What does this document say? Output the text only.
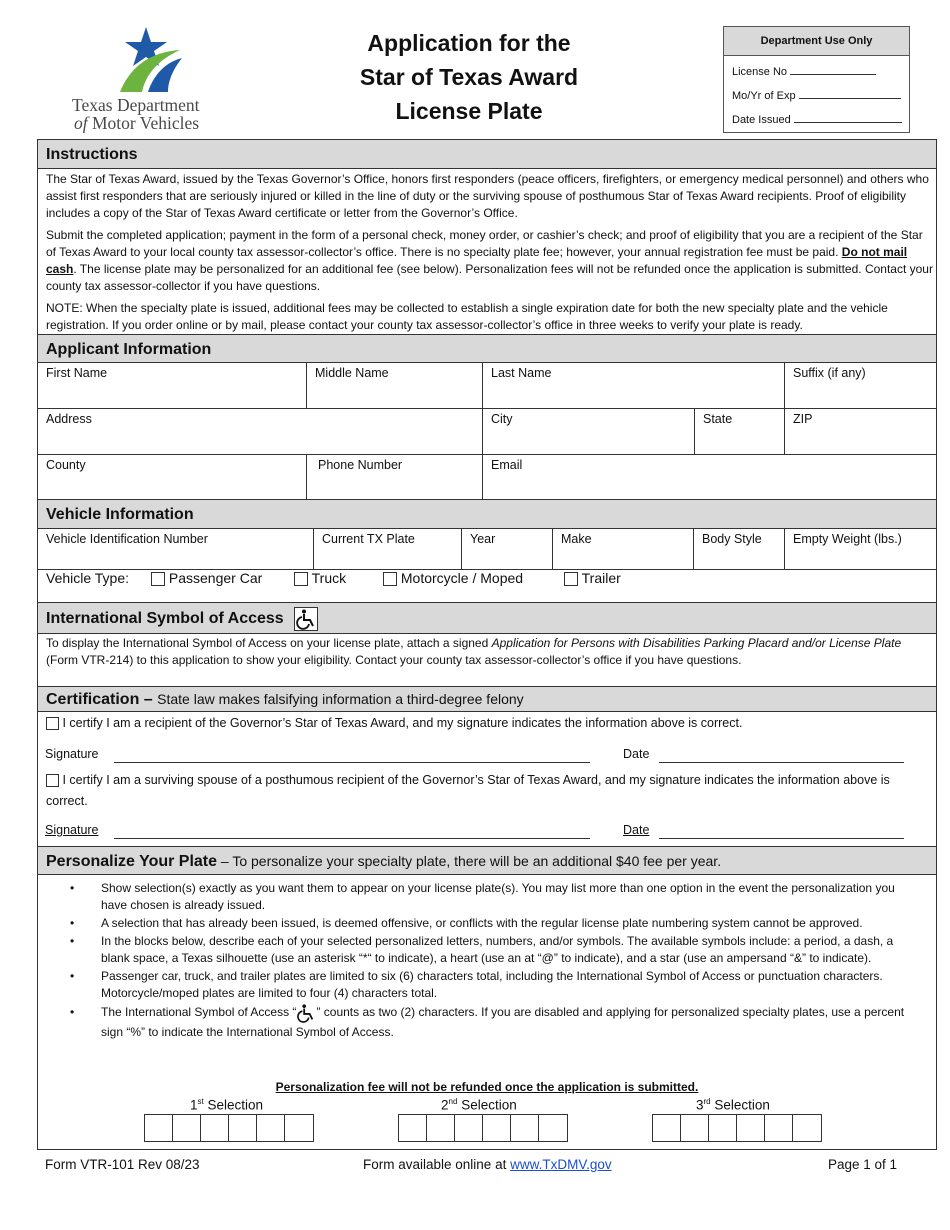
Texas Department
of Motor Vehicles
Application for the
Star of Texas Award
License Plate
Department Use Only
License No
Mo/Yr of Exp
Date Issued
Instructions
The Star of Texas Award, issued by the Texas Governor’s Office, honors first responders (peace officers, firefighters, or emergency medical personnel) and others who assist first responders that are seriously injured or killed in the line of duty or the surviving spouse of posthumous Star of Texas Award recipients. Proof of eligibility includes a copy of the Star of Texas Award certificate or letter from the Governor’s Office.
Submit the completed application; payment in the form of a personal check, money order, or cashier’s check; and proof of eligibility that you are a recipient of the Star of Texas Award to your local county tax assessor-collector’s office. There is no specialty plate fee; however, your annual registration fee must be paid. Do not mail cash. The license plate may be personalized for an additional fee (see below). Personalization fees will not be refunded once the application is submitted. Contact your county tax assessor-collector if you have questions.
NOTE: When the specialty plate is issued, additional fees may be collected to establish a single expiration date for both the new specialty plate and the vehicle registration. If you order online or by mail, please contact your county tax assessor-collector’s office in three weeks to verify your plate is ready.
Applicant Information
First Name	Middle Name	Last Name	Suffix (if any)
Address	City	State	ZIP
County	Phone Number	Email
Vehicle Information
Vehicle Identification Number	Current TX Plate	Year	Make	Body Style	Empty Weight (lbs.)
Vehicle Type:	Passenger Car	Truck	Motorcycle / Moped	Trailer
International Symbol of Access
To display the International Symbol of Access on your license plate, attach a signed Application for Persons with Disabilities Parking Placard and/or License Plate (Form VTR-214) to this application to show your eligibility. Contact your county tax assessor-collector’s office if you have questions.
Certification – State law makes falsifying information a third-degree felony
I certify I am a recipient of the Governor’s Star of Texas Award, and my signature indicates the information above is correct.
Signature	Date
I certify I am a surviving spouse of a posthumous recipient of the Governor’s Star of Texas Award, and my signature indicates the information above is correct.
Signature	Date
Personalize Your Plate – To personalize your specialty plate, there will be an additional $40 fee per year.
• Show selection(s) exactly as you want them to appear on your license plate(s). You may list more than one option in the event the personalization you have chosen is already issued.
• A selection that has already been issued, is deemed offensive, or conflicts with the regular license plate numbering system cannot be approved.
• In the blocks below, describe each of your selected personalized letters, numbers, and/or symbols. The available symbols include: a period, a dash, a blank space, a Texas silhouette (use an asterisk “*“ to indicate), a heart (use an at “@” to indicate), and a star (use an ampersand “&” to indicate).
• Passenger car, truck, and trailer plates are limited to six (6) characters total, including the International Symbol of Access or punctuation characters. Motorcycle/moped plates are limited to four (4) characters total.
• The International Symbol of Access “ ” counts as two (2) characters. If you are disabled and applying for personalized specialty plates, use a percent sign “%” to indicate the International Symbol of Access.
Personalization fee will not be refunded once the application is submitted.
1st Selection	2nd Selection	3rd Selection
Form VTR-101 Rev 08/23	Form available online at www.TxDMV.gov	Page 1 of 1
